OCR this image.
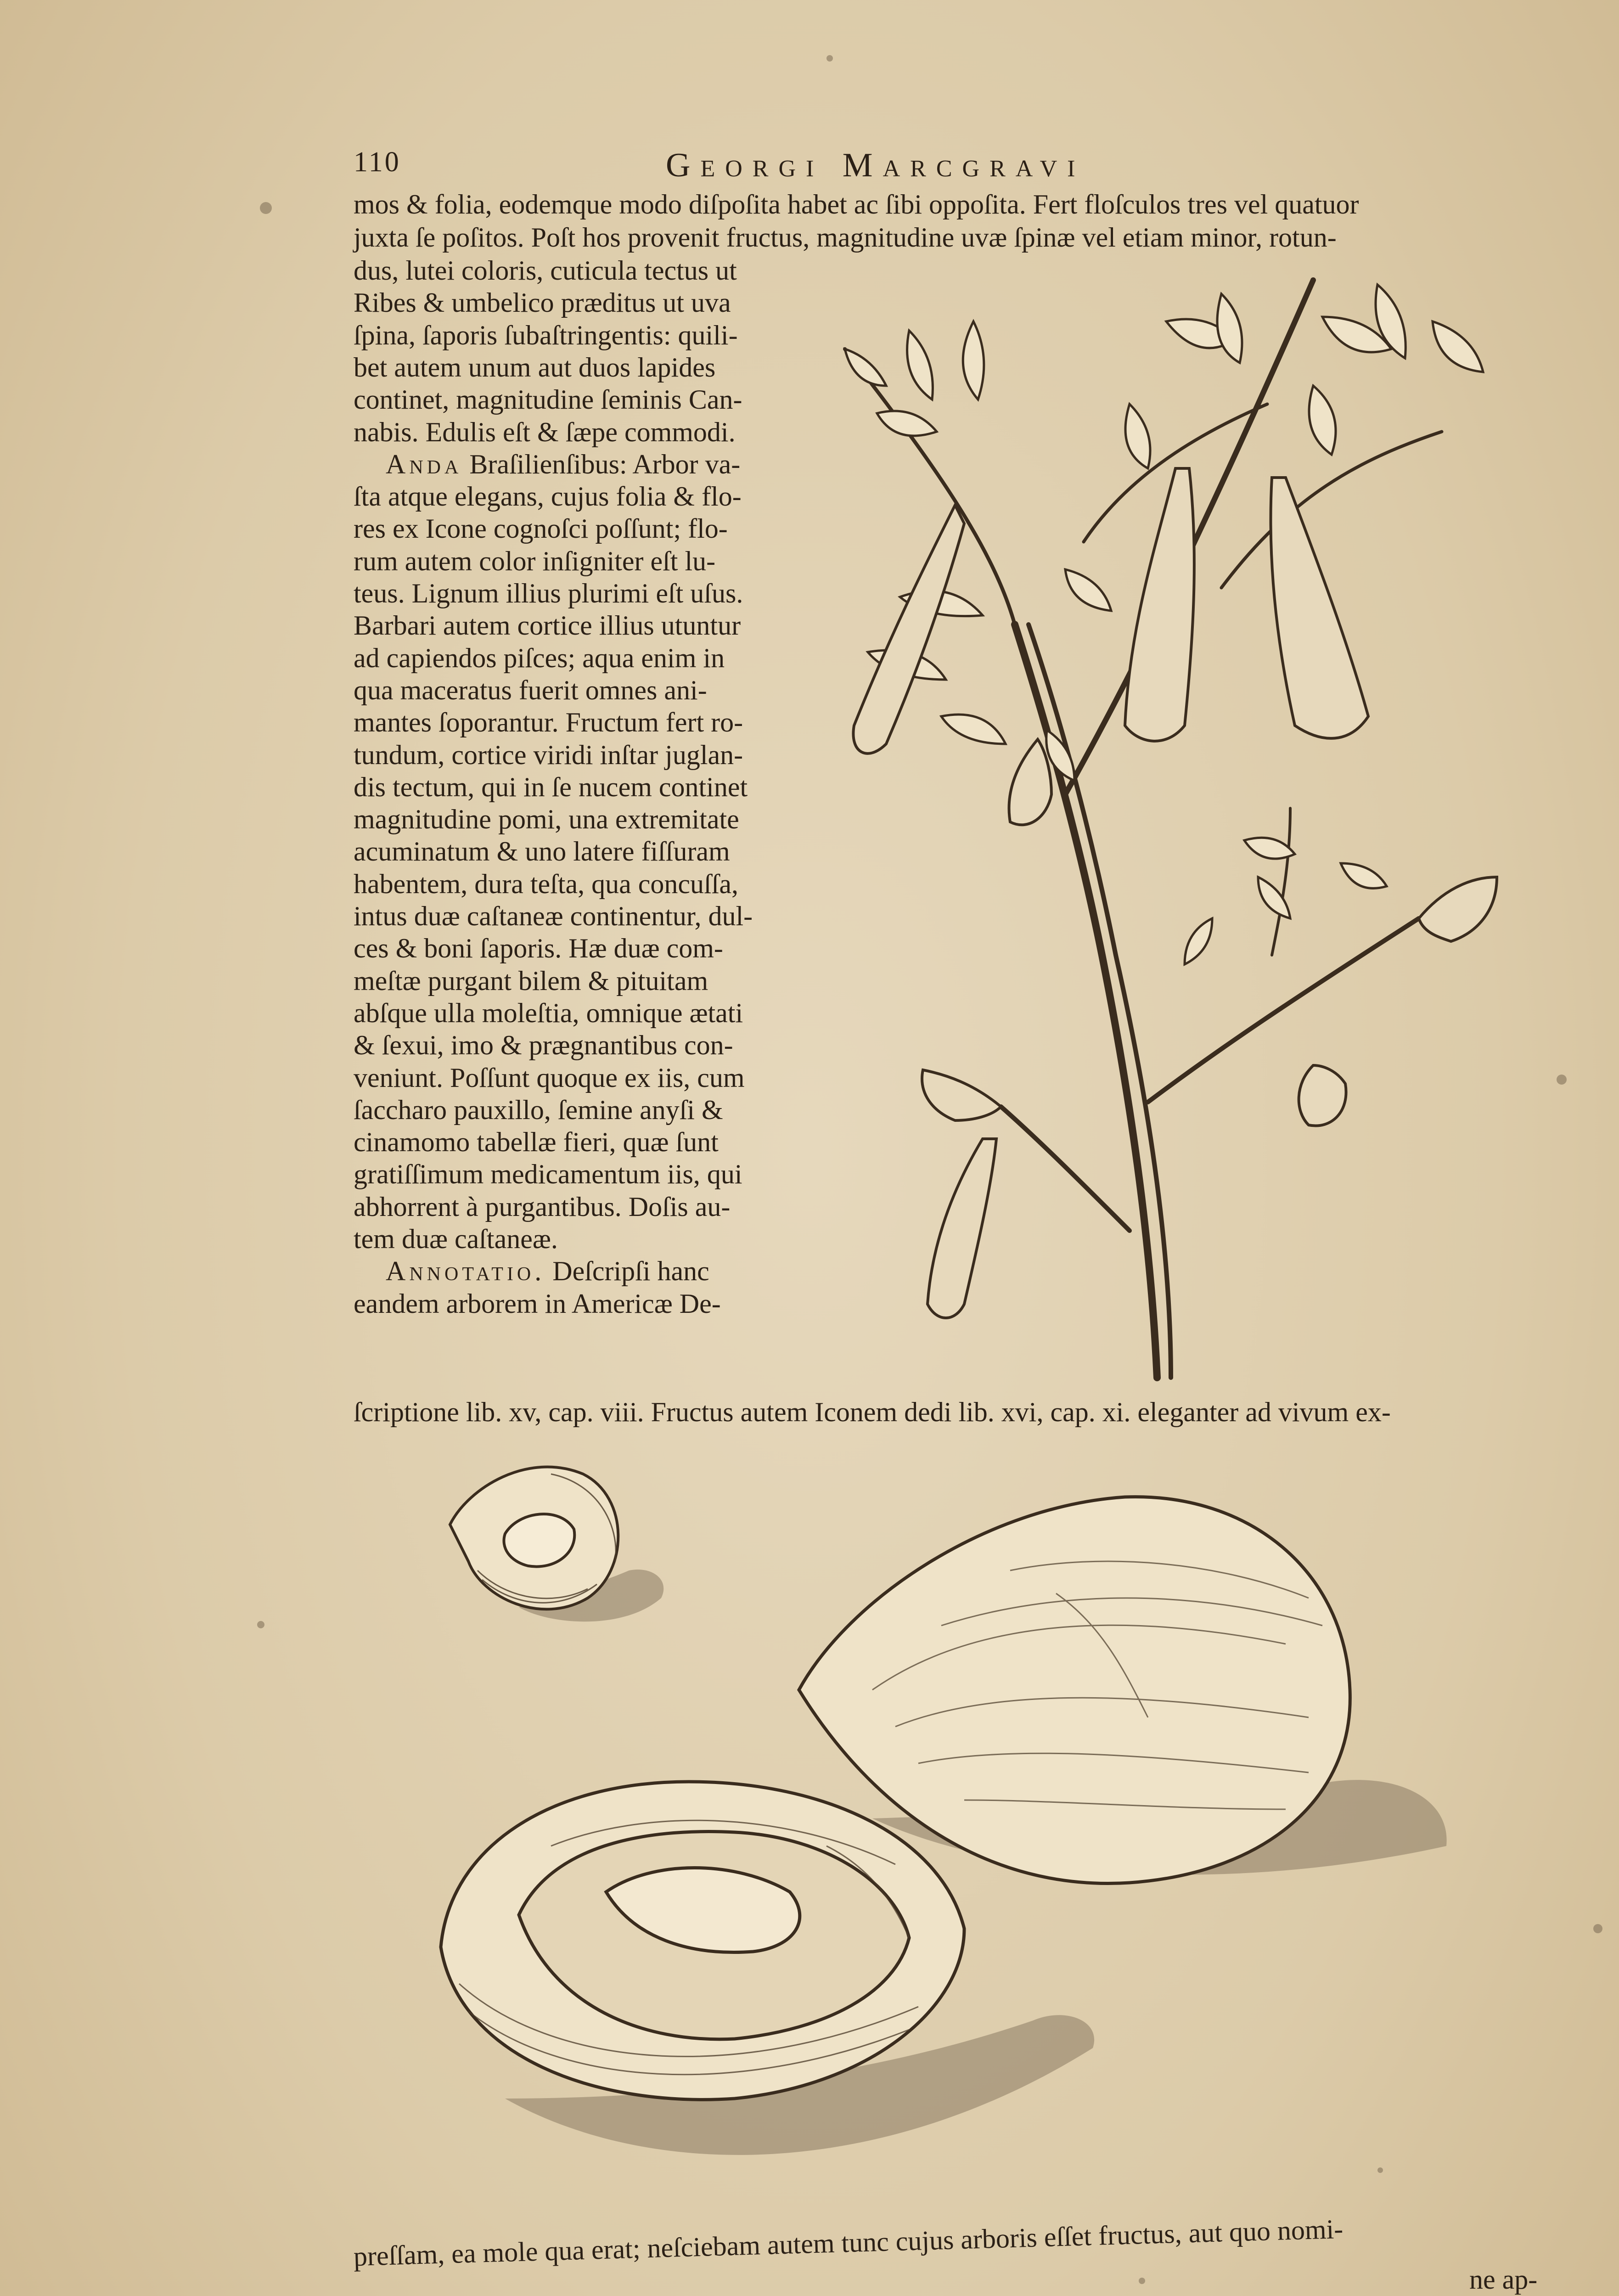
110	Georgi Marcgravi
mos & folia, eodemque modo diſpoſita habet ac ſibi oppoſita. Fert floſculos tres vel quatuor
juxta ſe poſitos. Poſt hos provenit fructus, magnitudine uvæ ſpinæ vel etiam minor, rotun-
dus, lutei coloris, cuticula tectus ut
Ribes & umbelico præditus ut uva
ſpina, ſaporis ſubaſtringentis: quili-
bet autem unum aut duos lapides
continet, magnitudine ſeminis Can-
nabis. Edulis eſt & ſæpe commodi.
Anda Braſilienſibus: Arbor va-
ſta atque elegans, cujus folia & flo-
res ex Icone cognoſci poſſunt; flo-
rum autem color inſigniter eſt lu-
teus. Lignum illius plurimi eſt uſus.
Barbari autem cortice illius utuntur
ad capiendos piſces; aqua enim in
qua maceratus fuerit omnes ani-
mantes ſoporantur. Fructum fert ro-
tundum, cortice viridi inſtar juglan-
dis tectum, qui in ſe nucem continet
magnitudine pomi, una extremitate
acuminatum & uno latere fiſſuram
habentem, dura teſta, qua concuſſa,
intus duæ caſtaneæ continentur, dul-
ces & boni ſaporis. Hæ duæ com-
meſtæ purgant bilem & pituitam
abſque ulla moleſtia, omnique ætati
& ſexui, imo & prægnantibus con-
veniunt. Poſſunt quoque ex iis, cum
ſaccharo pauxillo, ſemine anyſi &
cinamomo tabellæ fieri, quæ ſunt
gratiſſimum medicamentum iis, qui
abhorrent à purgantibus. Doſis au-
tem duæ caſtaneæ.
Annotatio. Deſcripſi hanc
eandem arborem in Americæ De-
ſcriptione lib. xv, cap. viii. Fructus autem Iconem dedi lib. xvi, cap. xi. eleganter ad vivum ex-
preſſam, ea mole qua erat; neſciebam autem tunc cujus arboris eſſet fructus, aut quo nomi-
ne ap-
